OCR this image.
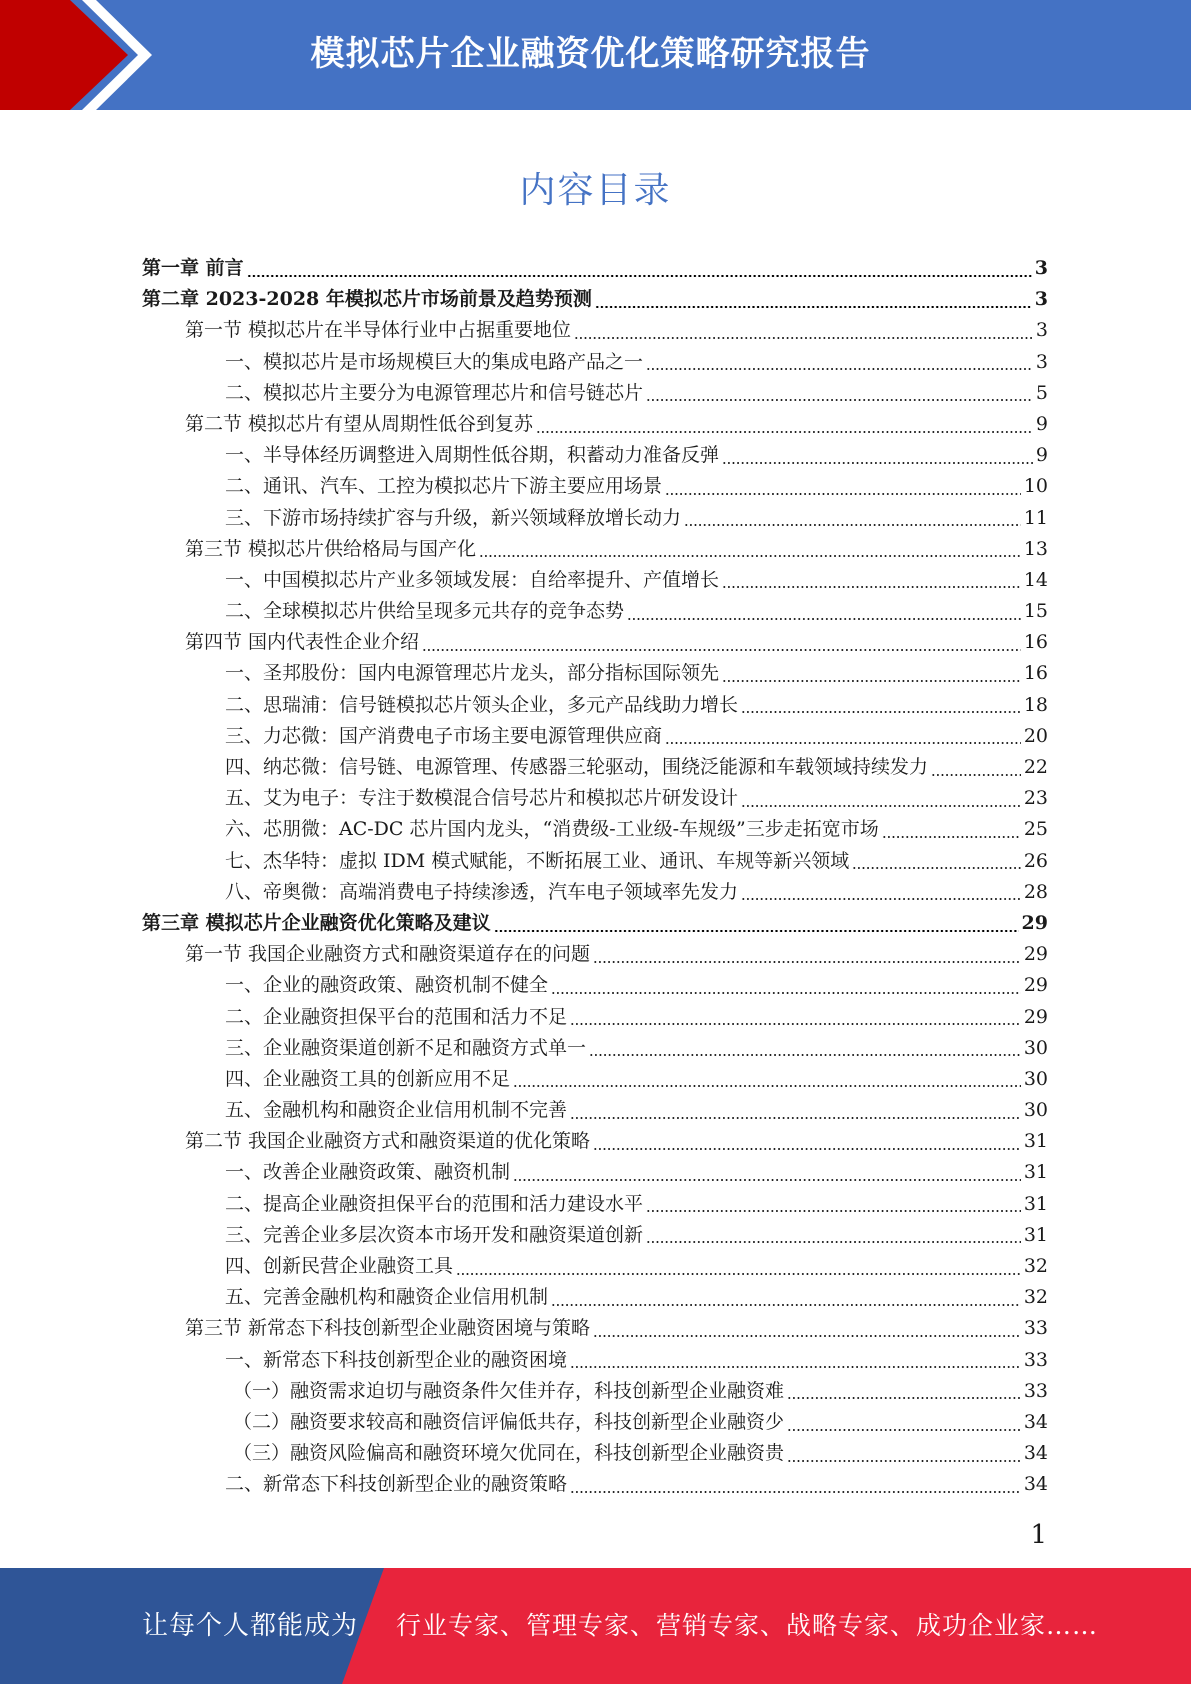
模拟芯片企业融资优化策略研究报告
内容目录
第一章 前言	3
第二章 2023-2028 年模拟芯片市场前景及趋势预测	3
第一节 模拟芯片在半导体行业中占据重要地位	3
一、模拟芯片是市场规模巨大的集成电路产品之一	3
二、模拟芯片主要分为电源管理芯片和信号链芯片	5
第二节 模拟芯片有望从周期性低谷到复苏	9
一、半导体经历调整进入周期性低谷期，积蓄动力准备反弹	9
二、通讯、汽车、工控为模拟芯片下游主要应用场景	10
三、下游市场持续扩容与升级，新兴领域释放增长动力	11
第三节 模拟芯片供给格局与国产化	13
一、中国模拟芯片产业多领域发展：自给率提升、产值增长	14
二、全球模拟芯片供给呈现多元共存的竞争态势	15
第四节 国内代表性企业介绍	16
一、圣邦股份：国内电源管理芯片龙头，部分指标国际领先	16
二、思瑞浦：信号链模拟芯片领头企业，多元产品线助力增长	18
三、力芯微：国产消费电子市场主要电源管理供应商	20
四、纳芯微：信号链、电源管理、传感器三轮驱动，围绕泛能源和车载领域持续发力	22
五、艾为电子：专注于数模混合信号芯片和模拟芯片研发设计	23
六、芯朋微：AC-DC 芯片国内龙头，“消费级-工业级-车规级”三步走拓宽市场	25
七、杰华特：虚拟 IDM 模式赋能，不断拓展工业、通讯、车规等新兴领域	26
八、帝奥微：高端消费电子持续渗透，汽车电子领域率先发力	28
第三章 模拟芯片企业融资优化策略及建议	29
第一节 我国企业融资方式和融资渠道存在的问题	29
一、企业的融资政策、融资机制不健全	29
二、企业融资担保平台的范围和活力不足	29
三、企业融资渠道创新不足和融资方式单一	30
四、企业融资工具的创新应用不足	30
五、金融机构和融资企业信用机制不完善	30
第二节 我国企业融资方式和融资渠道的优化策略	31
一、改善企业融资政策、融资机制	31
二、提高企业融资担保平台的范围和活力建设水平	31
三、完善企业多层次资本市场开发和融资渠道创新	31
四、创新民营企业融资工具	32
五、完善金融机构和融资企业信用机制	32
第三节 新常态下科技创新型企业融资困境与策略	33
一、新常态下科技创新型企业的融资困境	33
（一）融资需求迫切与融资条件欠佳并存，科技创新型企业融资难	33
（二）融资要求较高和融资信评偏低共存，科技创新型企业融资少	34
（三）融资风险偏高和融资环境欠优同在，科技创新型企业融资贵	34
二、新常态下科技创新型企业的融资策略	34
1
让每个人都能成为 行业专家、管理专家、营销专家、战略专家、成功企业家……
